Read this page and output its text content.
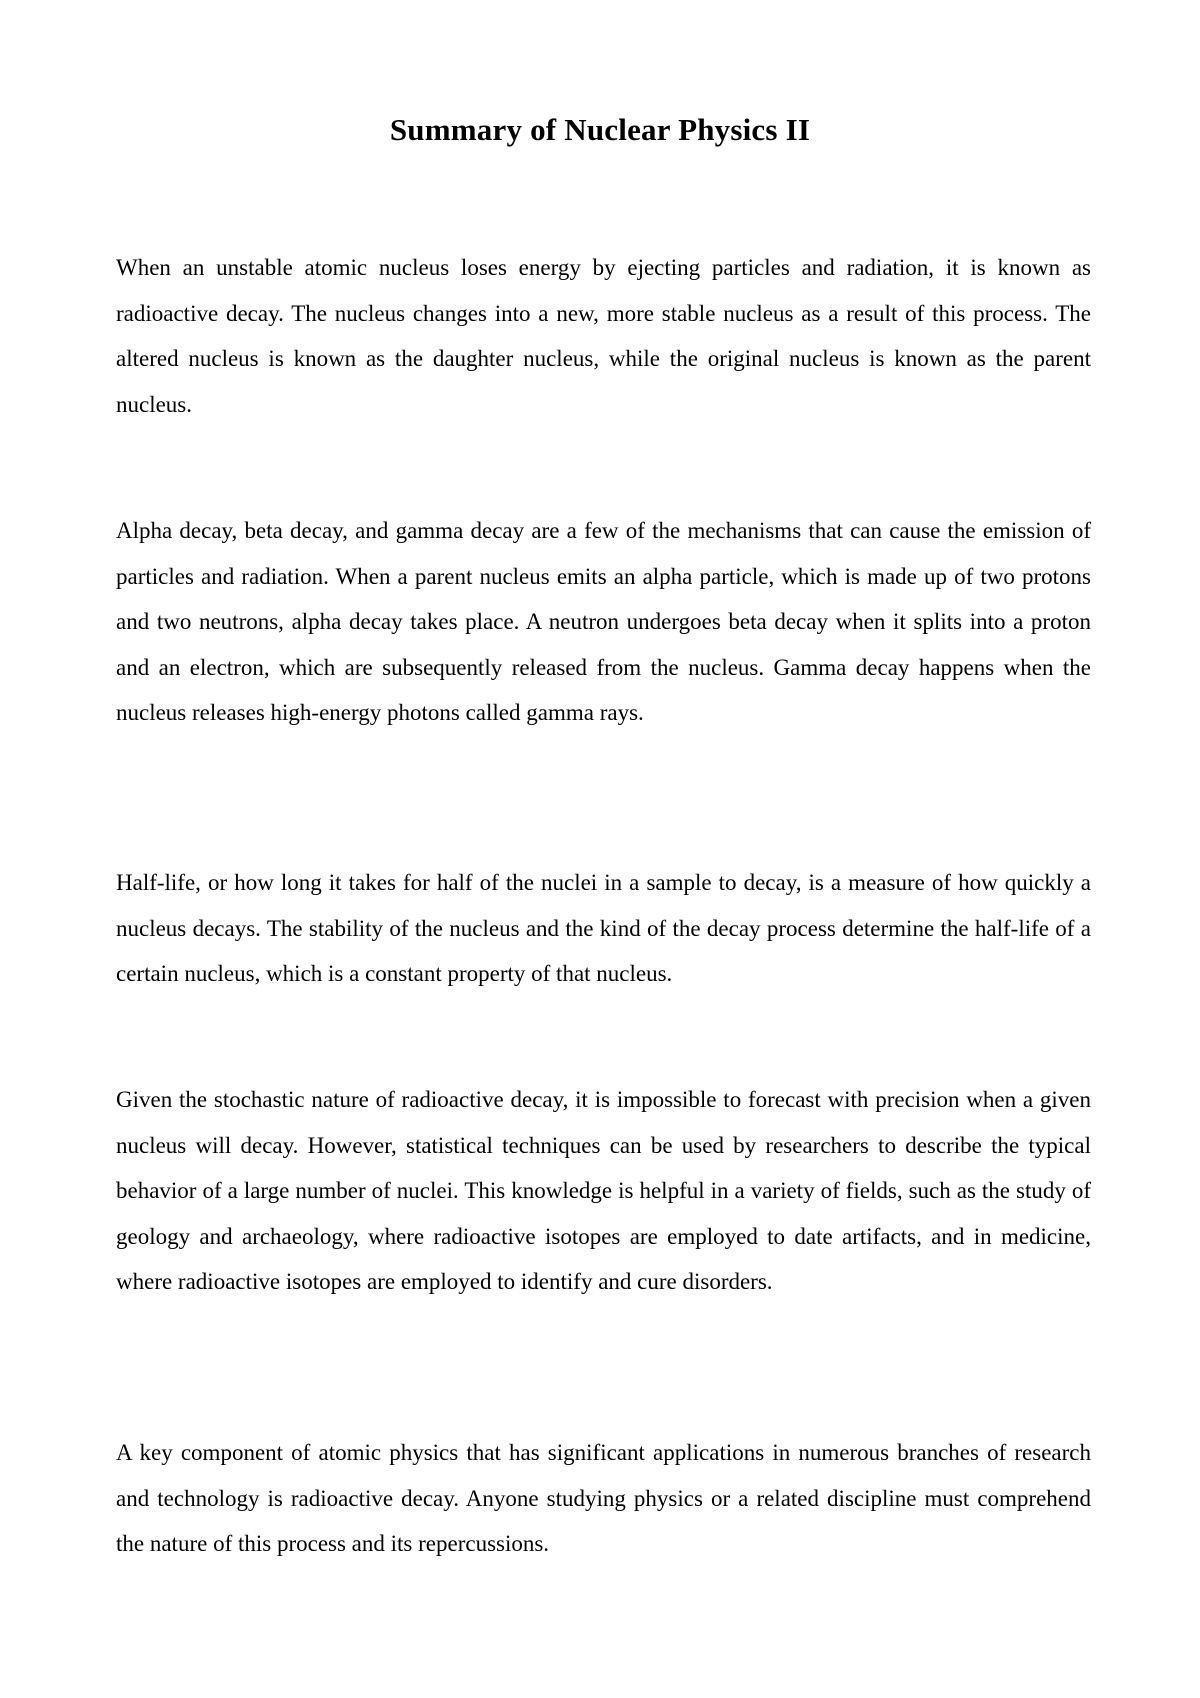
Summary of Nuclear Physics II

When an unstable atomic nucleus loses energy by ejecting particles and radiation, it is known as radioactive decay. The nucleus changes into a new, more stable nucleus as a result of this process. The altered nucleus is known as the daughter nucleus, while the original nucleus is known as the parent nucleus.

Alpha decay, beta decay, and gamma decay are a few of the mechanisms that can cause the emission of particles and radiation. When a parent nucleus emits an alpha particle, which is made up of two protons and two neutrons, alpha decay takes place. A neutron undergoes beta decay when it splits into a proton and an electron, which are subsequently released from the nucleus. Gamma decay happens when the nucleus releases high-energy photons called gamma rays.

Half-life, or how long it takes for half of the nuclei in a sample to decay, is a measure of how quickly a nucleus decays. The stability of the nucleus and the kind of the decay process determine the half-life of a certain nucleus, which is a constant property of that nucleus.

Given the stochastic nature of radioactive decay, it is impossible to forecast with precision when a given nucleus will decay. However, statistical techniques can be used by researchers to describe the typical behavior of a large number of nuclei. This knowledge is helpful in a variety of fields, such as the study of geology and archaeology, where radioactive isotopes are employed to date artifacts, and in medicine, where radioactive isotopes are employed to identify and cure disorders.

A key component of atomic physics that has significant applications in numerous branches of research and technology is radioactive decay. Anyone studying physics or a related discipline must comprehend the nature of this process and its repercussions.
